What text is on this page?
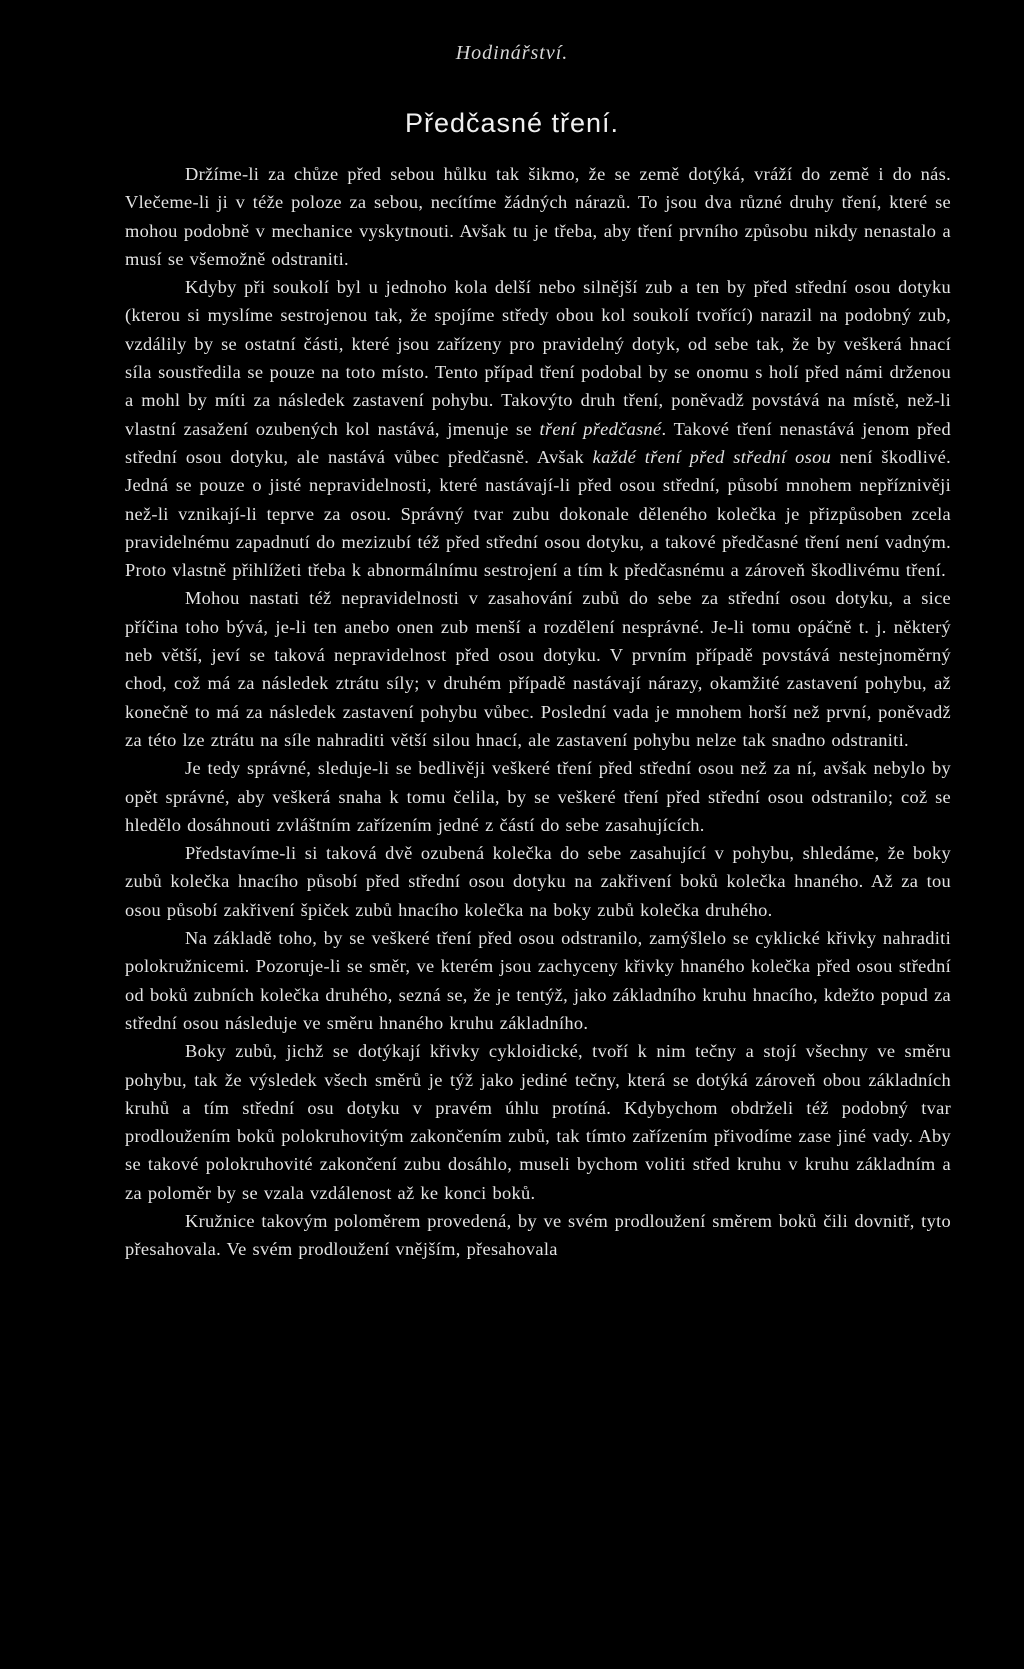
Hodinářství.
Předčasné tření.

Držíme-li za chůze před sebou hůlku tak šikmo, že se země dotýká, vráží do země i do nás. Vlečeme-li ji v téže poloze za sebou, necítíme žádných nárazů. To jsou dva různé druhy tření, které se mohou podobně v mechanice vyskytnouti. Avšak tu je třeba, aby tření prvního způsobu nikdy nenastalo a musí se všemožně odstraniti.

Kdyby při soukolí byl u jednoho kola delší nebo silnější zub a ten by před střední osou dotyku (kterou si myslíme sestrojenou tak, že spojíme středy obou kol soukolí tvořící) narazil na podobný zub, vzdálily by se ostatní části, které jsou zařízeny pro pravidelný dotyk, od sebe tak, že by veškerá hnací síla soustředila se pouze na toto místo. Tento případ tření podobal by se onomu s holí před námi drženou a mohl by míti za následek zastavení pohybu. Takovýto druh tření, poněvadž povstává na místě, než-li vlastní zasažení ozubených kol nastává, jmenuje se tření předčasné. Takové tření nenastává jenom před střední osou dotyku, ale nastává vůbec předčasně. Avšak každé tření před střední osou není škodlivé. Jedná se pouze o jisté nepravidelnosti, které nastávají-li před osou střední, působí mnohem nepříznivěji než-li vznikají-li teprve za osou. Správný tvar zubu dokonale děleného kolečka je přizpůsoben zcela pravidelnému zapadnutí do mezizubí též před střední osou dotyku, a takové předčasné tření není vadným. Proto vlastně přihlížeti třeba k abnormálnímu sestrojení a tím k předčasnému a zároveň škodlivému tření.

Mohou nastati též nepravidelnosti v zasahování zubů do sebe za střední osou dotyku, a sice příčina toho bývá, je-li ten anebo onen zub menší a rozdělení nesprávné. Je-li tomu opáčně t. j. některý neb větší, jeví se taková nepravidelnost před osou dotyku. V prvním případě povstává nestejnoměrný chod, což má za následek ztrátu síly; v druhém případě nastávají nárazy, okamžité zastavení pohybu, až konečně to má za následek zastavení pohybu vůbec. Poslední vada je mnohem horší než první, poněvadž za této lze ztrátu na síle nahraditi větší silou hnací, ale zastavení pohybu nelze tak snadno odstraniti.

Je tedy správné, sleduje-li se bedlivěji veškeré tření před střední osou než za ní, avšak nebylo by opět správné, aby veškerá snaha k tomu čelila, by se veškeré tření před střední osou odstranilo; což se hledělo dosáhnouti zvláštním zařízením jedné z částí do sebe zasahujících.

Představíme-li si taková dvě ozubená kolečka do sebe zasahující v pohybu, shledáme, že boky zubů kolečka hnacího působí před střední osou dotyku na zakřivení boků kolečka hnaného. Až za tou osou působí zakřivení špiček zubů hnacího kolečka na boky zubů kolečka druhého.

Na základě toho, by se veškeré tření před osou odstranilo, zamýšlelo se cyklické křivky nahraditi polokružnicemi. Pozoruje-li se směr, ve kterém jsou zachyceny křivky hnaného kolečka před osou střední od boků zubních kolečka druhého, sezná se, že je tentýž, jako základního kruhu hnacího, kdežto popud za střední osou následuje ve směru hnaného kruhu základního.

Boky zubů, jichž se dotýkají křivky cykloidické, tvoří k nim tečny a stojí všechny ve směru pohybu, tak že výsledek všech směrů je týž jako jediné tečny, která se dotýká zároveň obou základních kruhů a tím střední osu dotyku v pravém úhlu protíná. Kdybychom obdrželi též podobný tvar prodloužením boků polokruhovitým zakončením zubů, tak tímto zařízením přivodíme zase jiné vady. Aby se takové polokruhovité zakončení zubu dosáhlo, museli bychom voliti střed kruhu v kruhu základním a za poloměr by se vzala vzdálenost až ke konci boků.

Kružnice takovým poloměrem provedená, by ve svém prodloužení směrem boků čili dovnitř, tyto přesahovala. Ve svém prodloužení vnějším, přesahovala
